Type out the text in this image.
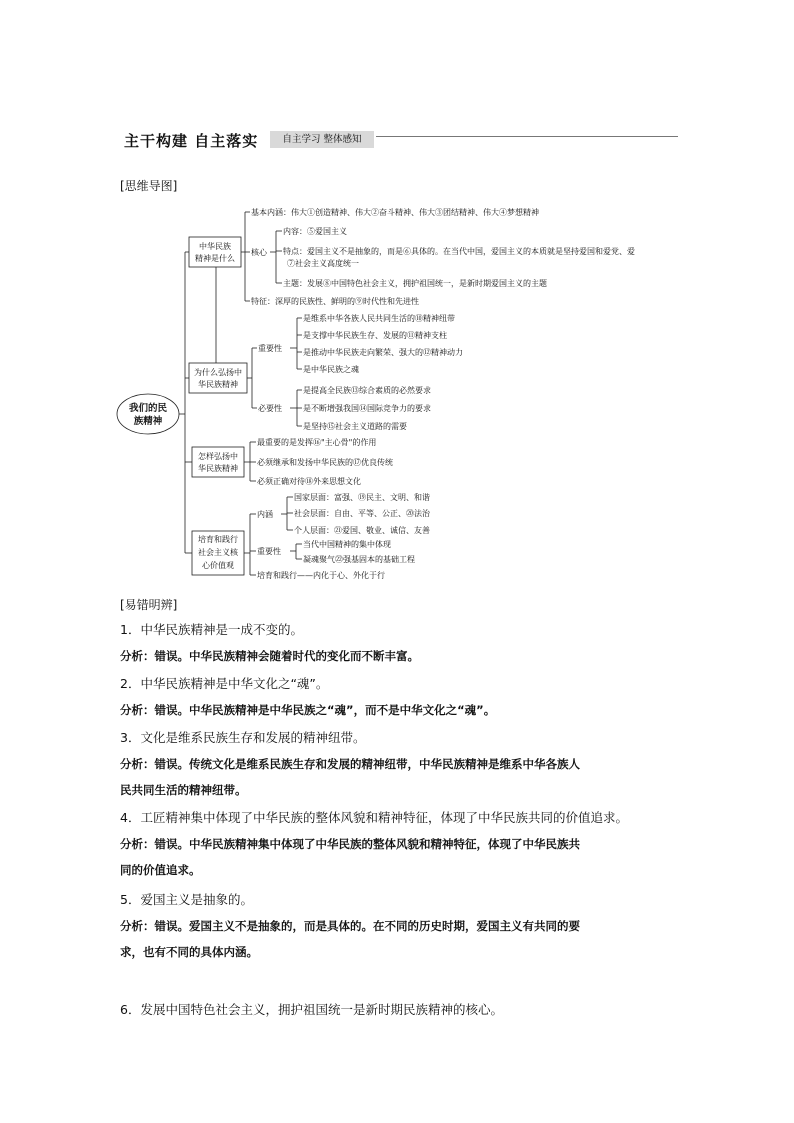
主干构建 自主落实	自主学习 整体感知
[思维导图]
我们的民
族精神
中华民族
精神是什么
为什么弘扬中
华民族精神
怎样弘扬中
华民族精神
培育和践行
社会主义核
心价值观
基本内涵：伟大①创造精神、伟大②奋斗精神、伟大③团结精神、伟大④梦想精神
核心
内容：⑤爱国主义
特点：爱国主义不是抽象的，而是⑥具体的。在当代中国，爱国主义的本质就是坚持爱国和爱党、爱
⑦社会主义高度统一
主题：发展⑧中国特色社会主义，拥护祖国统一，是新时期爱国主义的主题
特征：深厚的民族性、鲜明的⑨时代性和先进性
重要性
是维系中华各族人民共同生活的⑩精神纽带
是支撑中华民族生存、发展的⑪精神支柱
是推动中华民族走向繁荣、强大的⑫精神动力
是中华民族之魂
必要性
是提高全民族⑬综合素质的必然要求
是不断增强我国⑭国际竞争力的要求
是坚持⑮社会主义道路的需要
最重要的是发挥⑯"主心骨"的作用
必须继承和发扬中华民族的⑰优良传统
必须正确对待⑱外来思想文化
内涵
国家层面：富强、⑲民主、文明、和谐
社会层面：自由、平等、公正、⑳法治
个人层面：㉑爱国、敬业、诚信、友善
重要性
当代中国精神的集中体现
凝魂聚气㉒强基固本的基础工程
培育和践行——内化于心、外化于行
[易错明辨]
1．中华民族精神是一成不变的。
分析：错误。中华民族精神会随着时代的变化而不断丰富。
2．中华民族精神是中华文化之“魂”。
分析：错误。中华民族精神是中华民族之“魂”，而不是中华文化之“魂”。
3．文化是维系民族生存和发展的精神纽带。
分析：错误。传统文化是维系民族生存和发展的精神纽带，中华民族精神是维系中华各族人
民共同生活的精神纽带。
4．工匠精神集中体现了中华民族的整体风貌和精神特征，体现了中华民族共同的价值追求。
分析：错误。中华民族精神集中体现了中华民族的整体风貌和精神特征，体现了中华民族共
同的价值追求。
5．爱国主义是抽象的。
分析：错误。爱国主义不是抽象的，而是具体的。在不同的历史时期，爱国主义有共同的要
求，也有不同的具体内涵。
6．发展中国特色社会主义，拥护祖国统一是新时期民族精神的核心。
